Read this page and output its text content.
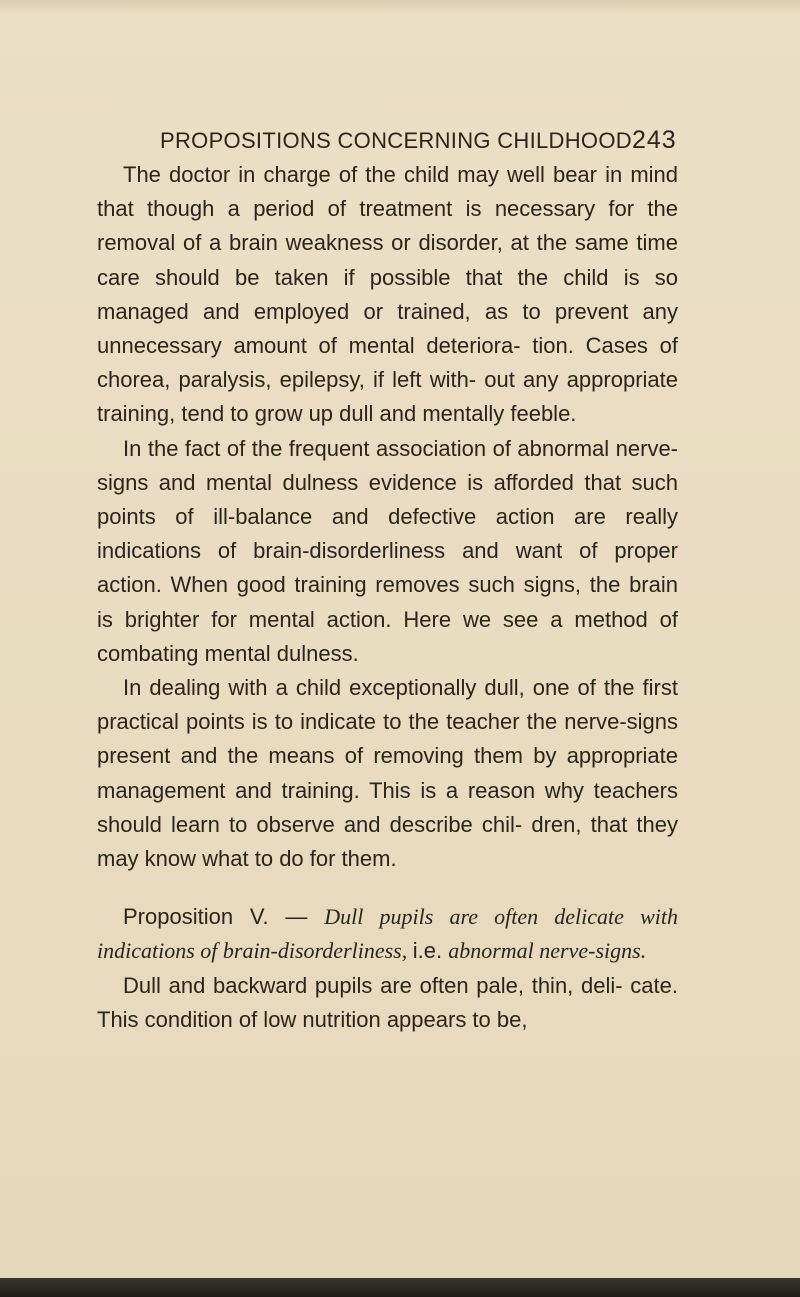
PROPOSITIONS CONCERNING CHILDHOOD 243

The doctor in charge of the child may well bear in mind that though a period of treatment is necessary for the removal of a brain weakness or disorder, at the same time care should be taken if possible that the child is so managed and employed or trained, as to prevent any unnecessary amount of mental deteriora- tion. Cases of chorea, paralysis, epilepsy, if left with- out any appropriate training, tend to grow up dull and mentally feeble.

In the fact of the frequent association of abnormal nerve-signs and mental dulness evidence is afforded that such points of ill-balance and defective action are really indications of brain-disorderliness and want of proper action. When good training removes such signs, the brain is brighter for mental action. Here we see a method of combating mental dulness.

In dealing with a child exceptionally dull, one of the first practical points is to indicate to the teacher the nerve-signs present and the means of removing them by appropriate management and training. This is a reason why teachers should learn to observe and describe chil- dren, that they may know what to do for them.

Proposition V. — Dull pupils are often delicate with indications of brain-disorderliness, i.e. abnormal nerve-signs.

Dull and backward pupils are often pale, thin, deli- cate. This condition of low nutrition appears to be,
